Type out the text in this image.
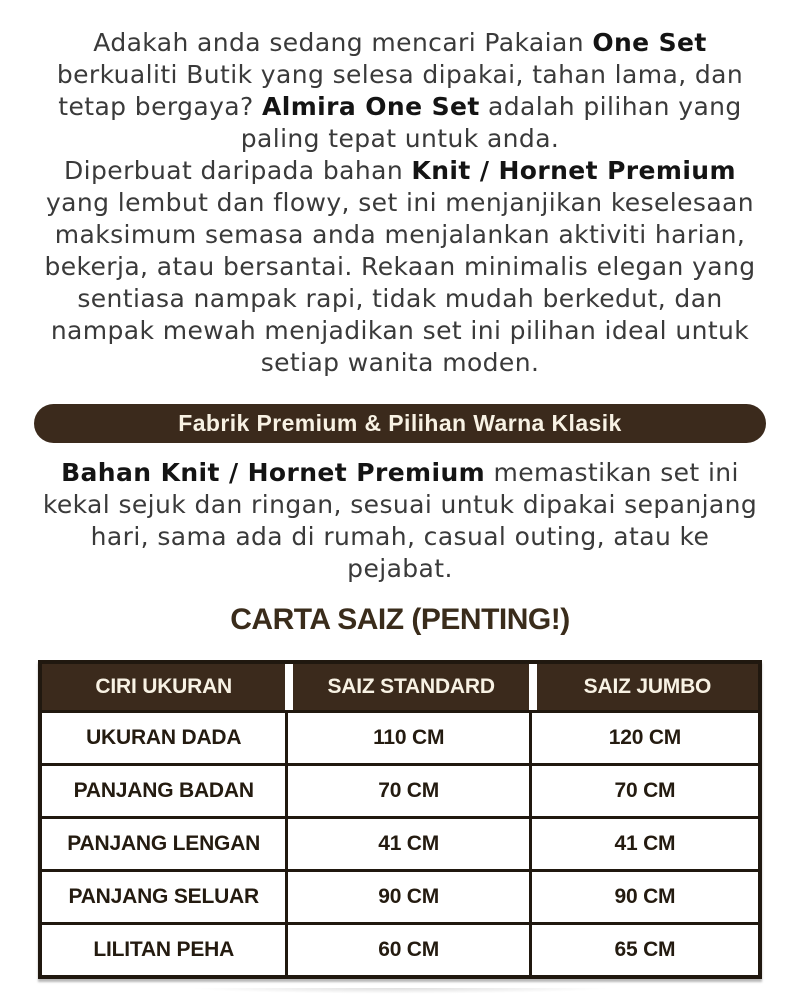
Adakah anda sedang mencari Pakaian One Set berkualiti Butik yang selesa dipakai, tahan lama, dan tetap bergaya? Almira One Set adalah pilihan yang paling tepat untuk anda.

Diperbuat daripada bahan Knit / Hornet Premium yang lembut dan flowy, set ini menjanjikan keselesaan maksimum semasa anda menjalankan aktiviti harian, bekerja, atau bersantai. Rekaan minimalis elegan yang sentiasa nampak rapi, tidak mudah berkedut, dan nampak mewah menjadikan set ini pilihan ideal untuk setiap wanita moden.

Fabrik Premium & Pilihan Warna Klasik

Bahan Knit / Hornet Premium memastikan set ini kekal sejuk dan ringan, sesuai untuk dipakai sepanjang hari, sama ada di rumah, casual outing, atau ke pejabat.

CARTA SAIZ (PENTING!)
CIRI UKURAN	SAIZ STANDARD	SAIZ JUMBO
UKURAN DADA	110 CM	120 CM
PANJANG BADAN	70 CM	70 CM
PANJANG LENGAN	41 CM	41 CM
PANJANG SELUAR	90 CM	90 CM
LILITAN PEHA	60 CM	65 CM
